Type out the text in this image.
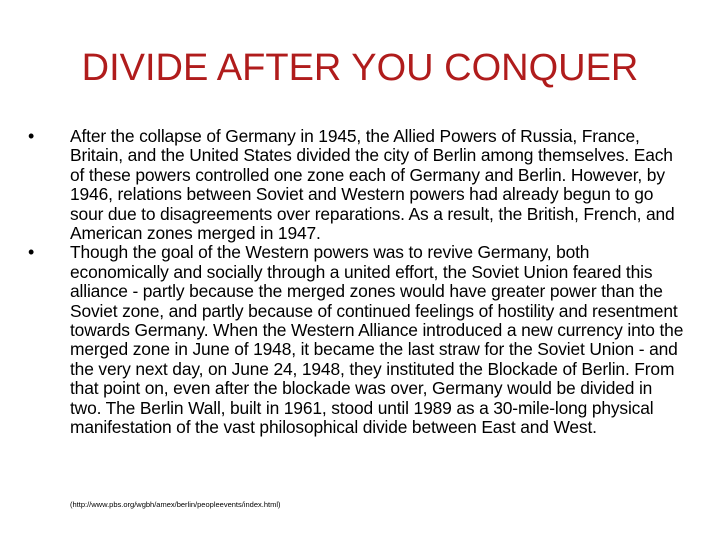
DIVIDE AFTER YOU CONQUER
•	After the collapse of Germany in 1945, the Allied Powers of Russia, France, Britain, and the United States divided the city of Berlin among themselves. Each of these powers controlled one zone each of Germany and Berlin. However, by 1946, relations between Soviet and Western powers had already begun to go sour due to disagreements over reparations. As a result, the British, French, and American zones merged in 1947.

•	Though the goal of the Western powers was to revive Germany, both economically and socially through a united effort, the Soviet Union feared this alliance - partly because the merged zones would have greater power than the Soviet zone, and partly because of continued feelings of hostility and resentment towards Germany. When the Western Alliance introduced a new currency into the merged zone in June of 1948, it became the last straw for the Soviet Union - and the very next day, on June 24, 1948, they instituted the Blockade of Berlin. From that point on, even after the blockade was over, Germany would be divided in two. The Berlin Wall, built in 1961, stood until 1989 as a 30-mile-long physical manifestation of the vast philosophical divide between East and West.

(http://www.pbs.org/wgbh/amex/berlin/peopleevents/index.html)
